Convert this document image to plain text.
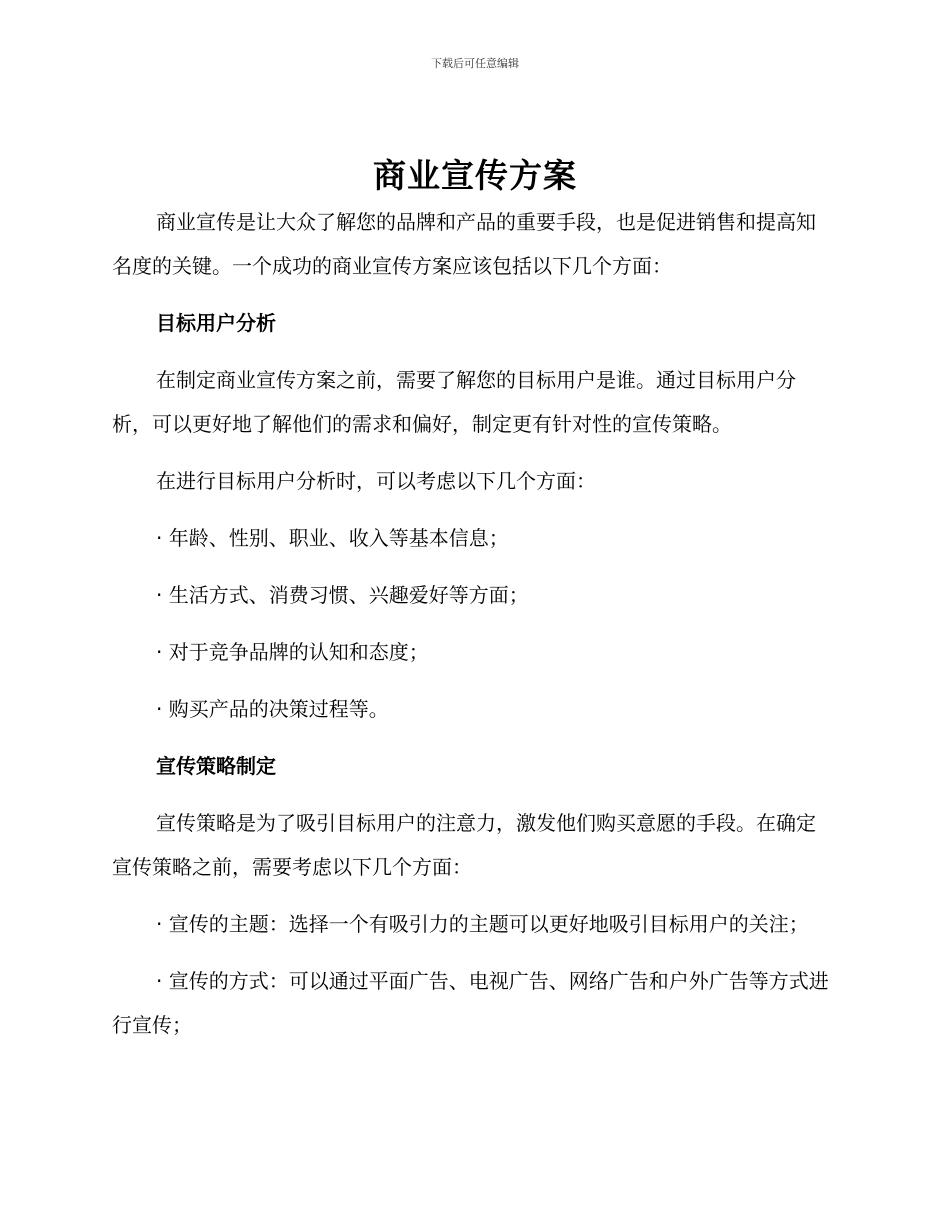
下载后可任意编辑
商业宣传方案

商业宣传是让大众了解您的品牌和产品的重要手段，也是促进销售和提高知名度的关键。一个成功的商业宣传方案应该包括以下几个方面：

目标用户分析

在制定商业宣传方案之前，需要了解您的目标用户是谁。通过目标用户分析，可以更好地了解他们的需求和偏好，制定更有针对性的宣传策略。

在进行目标用户分析时，可以考虑以下几个方面：

· 年龄、性别、职业、收入等基本信息；

· 生活方式、消费习惯、兴趣爱好等方面；

· 对于竞争品牌的认知和态度；

· 购买产品的决策过程等。

宣传策略制定

宣传策略是为了吸引目标用户的注意力，激发他们购买意愿的手段。在确定宣传策略之前，需要考虑以下几个方面：

· 宣传的主题：选择一个有吸引力的主题可以更好地吸引目标用户的关注；

· 宣传的方式：可以通过平面广告、电视广告、网络广告和户外广告等方式进行宣传；
